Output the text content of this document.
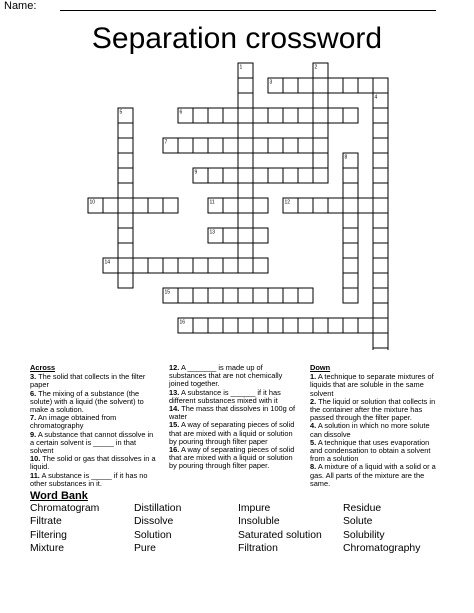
Name:
Separation crossword
1	2
3
4
5	6
7
8
9
10	11	12
13
14
15
16
Across
3. The solid that collects in the filter paper
6. The mixing of a substance (the solute) with a liquid (the solvent) to make a solution.
7. An image obtained from chromatography
9. A substance that cannot dissolve in a certain solvent is _____ in that solvent
10. The solid or gas that dissolves in a liquid.
11. A substance is _____ if it has no other substances in it.
12. A _______ is made up of substances that are not chemically joined together.
13. A substance is ______ if it has different substances mixed with it
14. The mass that dissolves in 100g of water
15. A way of separating pieces of solid that are mixed with a liquid or solution by pouring through filter paper
16. A way of separating pieces of solid that are mixed with a liquid or solution by pouring through filter paper.
Down
1. A technique to separate mixtures of liquids that are soluble in the same solvent
2. The liquid or solution that collects in the container after the mixture has passed through the filter paper.
4. A solution in which no more solute can dissolve
5. A technique that uses evaporation and condensation to obtain a solvent from a solution
8. A mixture of a liquid with a solid or a gas. All parts of the mixture are the same.
Word Bank
Chromatogram	Distillation	Impure	Residue
Filtrate	Dissolve	Insoluble	Solute
Filtering	Solution	Saturated solution	Solubility
Mixture	Pure	Filtration	Chromatography
